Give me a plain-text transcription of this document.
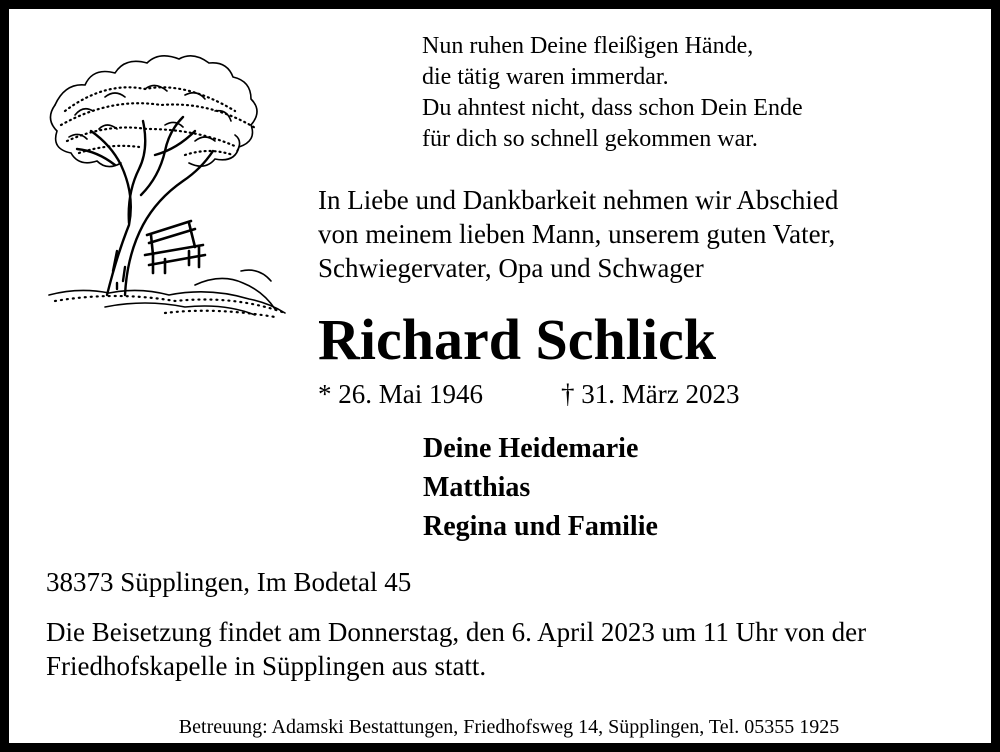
Nun ruhen Deine fleißigen Hände,
die tätig waren immerdar.
Du ahntest nicht, dass schon Dein Ende
für dich so schnell gekommen war.
In Liebe und Dankbarkeit nehmen wir Abschied
von meinem lieben Mann, unserem guten Vater,
Schwiegervater, Opa und Schwager
Richard Schlick
* 26. Mai 1946	† 31. März 2023
Deine Heidemarie
Matthias
Regina und Familie
38373 Süpplingen, Im Bodetal 45
Die Beisetzung findet am Donnerstag, den 6. April 2023 um 11 Uhr von der
Friedhofskapelle in Süpplingen aus statt.
Betreuung: Adamski Bestattungen, Friedhofsweg 14, Süpplingen, Tel. 05355 1925
